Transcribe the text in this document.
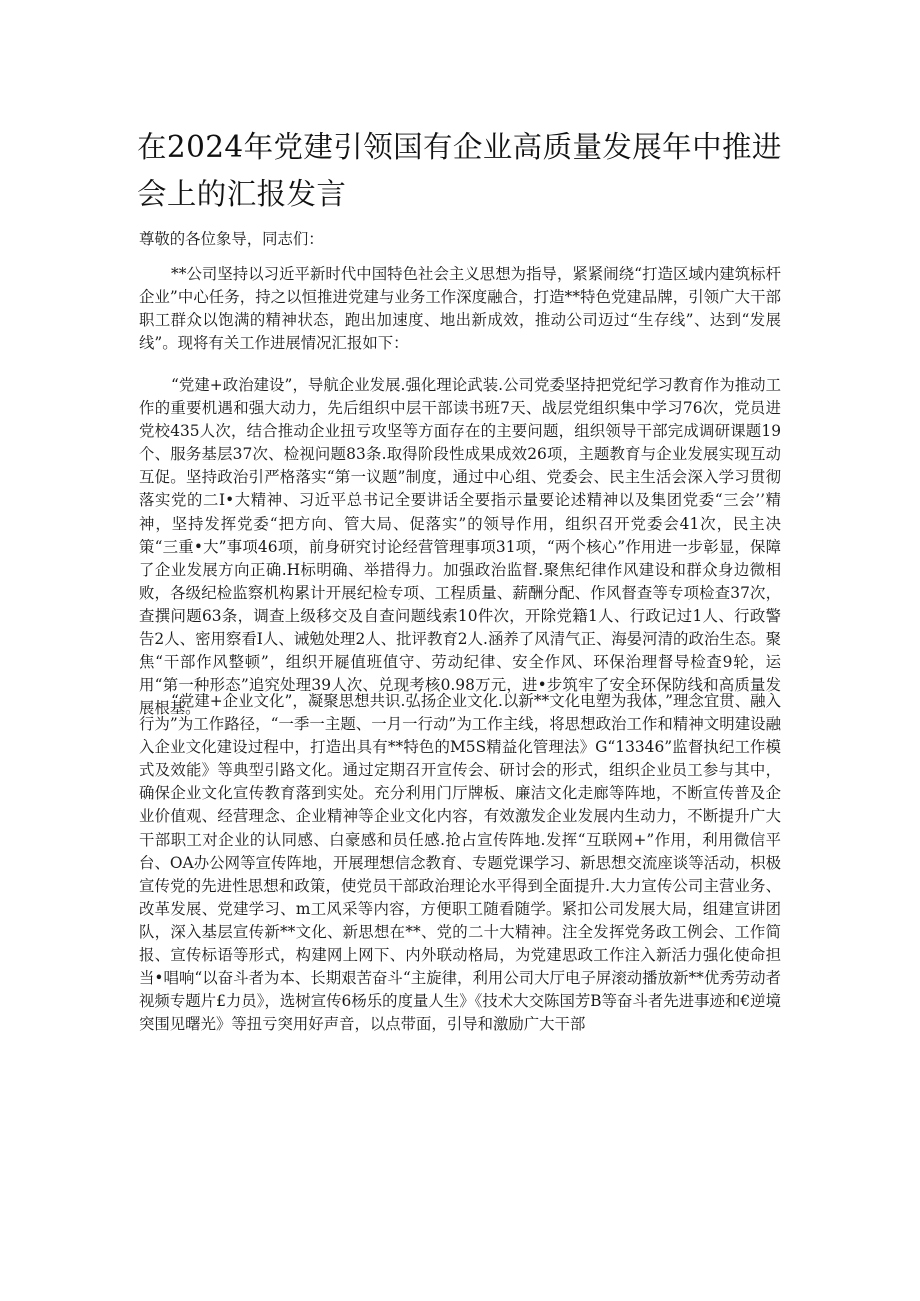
在2024年党建引领国有企业高质量发展年中推进会上的汇报发言

尊敬的各位象导，同志们：

**公司坚持以习近平新时代中国特色社会主义思想为指导，紧紧闹绕“打造区域内建筑标杆企业”中心任务，持之以恒推进党建与业务工作深度融合，打造**特色党建品牌，引领广大干部职工群众以饱满的精神状态，跑出加速度、地出新成效，推动公司迈过“生存线”、达到“发展线”。现将有关工作进展情况汇报如下：

“党建+政治建设”，导航企业发展.强化理论武装.公司党委坚持把党纪学习教育作为推动工作的重要机遇和强大动力，先后组织中层干部读书班7天、战层党组织集中学习76次，党员进党校435人次，结合推动企业扭亏攻坚等方面存在的主要问题，组织领导干部完成调研课题19个、服务基层37次、检视问题83条.取得阶段性成果成效26项，主题教育与企业发展实现互动互促。坚持政治引严格落实“第一议题”制度，通过中心组、党委会、民主生活会深入学习贯彻落实党的二I•大精神、习近平总书记全要讲话全要指示量要论述精神以及集团党委“三会’’精神，坚持发挥党委“把方向、管大局、促落实”的领导作用，组织召开党委会41次，民主决策“三重•大”事项46项，前身研究讨论经营管理事项31项，“两个核心”作用进一步彰显，保障了企业发展方向正确.H标明确、举措得力。加强政治监督.聚焦纪律作风建设和群众身边微相败，各级纪检监察机构累计开展纪检专项、工程质量、薪酬分配、作风督查等专项检查37次，查撰问题63条，调查上级移交及自查问题线索10件次，开除党籍1人、行政记过1人、行政警告2人、密用察看I人、诫勉处理2人、批评教育2人.涵养了风清气正、海晏河清的政治生态。聚焦“干部作风整顿”，组织开屣值班值守、劳动纪律、安全作风、环保治理督导检査9轮，运用“第一种形态”追究处理39人次、兑现考核0.98万元，进•步筑牢了安全环保防线和高质量发展根基。

“党建+企业文化”，凝聚思想共识.弘扬企业文化.以新**文化电塑为我体，”理念宜贯、融入行为”为工作路径，“一季一主题、一月一行动”为工作主线，将思想政治工作和精神文明建设融入企业文化建设过程中，打造出具有**特色的M5S精益化管理法》G“13346”监督执纪工作模式及效能》等典型引路文化。通过定期召开宣传会、研讨会的形式，组织企业员工参与其中，确保企业文化宣传教育落到实处。充分利用门厅牌板、廉洁文化走廊等阵地，不断宣传普及企业价值观、经营理念、企业精神等企业文化内容，有效激发企业发展内生动力，不断提升广大干部职工对企业的认同感、白豪感和员任感.抢占宣传阵地.发挥“互联网+”作用，利用微信平台、OA办公网等宣传阵地，开展理想信念教育、专题党课学习、新思想交流座谈等活动，枳极宣传党的先进性思想和政策，使党员干部政治理论水平得到全面提升.大力宣传公司主营业务、改革发展、党建学习、m工风采等内容，方便职工随看随学。紧扣公司发展大局，组建宣讲团队，深入基层宣传新**文化、新思想在**、党的二十大精神。注全发挥党务政工例会、工作简报、宣传标语等形式，构建网上网下、内外联动格局，为党建思政工作注入新活力强化使命担当•唱响“以奋斗者为本、长期艰苦奋斗“主旋律，利用公司大厅电子屏滚动播放新**优秀劳动者视频专题片£力员》，选树宣传6杨乐的度量人生》《技术大交陈国芳B等奋斗者先进事迹和€逆境突围见曙光》等扭亏突用好声音，以点带面，引导和激励广大干部
